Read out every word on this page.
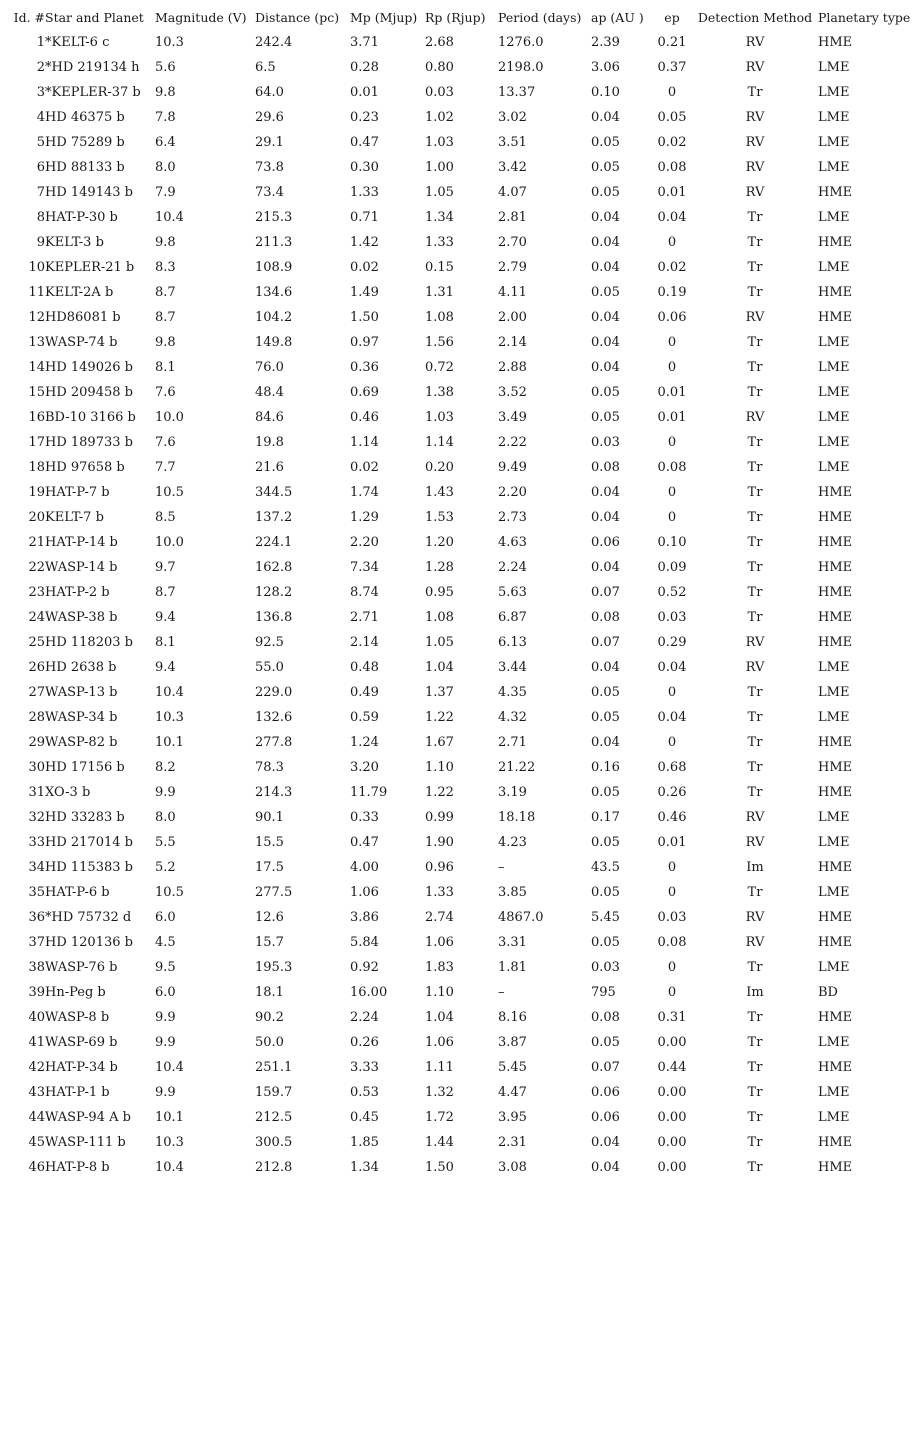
Id. #	Star and Planet	Magnitude (V)	Distance (pc)	Mp (Mjup)	Rp (Rjup)	Period (days)	ap (AU )	ep	Detection Method	Planetary type
1	*KELT-6 c	10.3	242.4	3.71	2.68	1276.0	2.39	0.21	RV	HME
2	*HD 219134 h	5.6	6.5	0.28	0.80	2198.0	3.06	0.37	RV	LME
3	*KEPLER-37 b	9.8	64.0	0.01	0.03	13.37	0.10	0	Tr	LME
4	HD 46375 b	7.8	29.6	0.23	1.02	3.02	0.04	0.05	RV	LME
5	HD 75289 b	6.4	29.1	0.47	1.03	3.51	0.05	0.02	RV	LME
6	HD 88133 b	8.0	73.8	0.30	1.00	3.42	0.05	0.08	RV	LME
7	HD 149143 b	7.9	73.4	1.33	1.05	4.07	0.05	0.01	RV	HME
8	HAT-P-30 b	10.4	215.3	0.71	1.34	2.81	0.04	0.04	Tr	LME
9	KELT-3 b	9.8	211.3	1.42	1.33	2.70	0.04	0	Tr	HME
10	KEPLER-21 b	8.3	108.9	0.02	0.15	2.79	0.04	0.02	Tr	LME
11	KELT-2A b	8.7	134.6	1.49	1.31	4.11	0.05	0.19	Tr	HME
12	HD86081 b	8.7	104.2	1.50	1.08	2.00	0.04	0.06	RV	HME
13	WASP-74 b	9.8	149.8	0.97	1.56	2.14	0.04	0	Tr	LME
14	HD 149026 b	8.1	76.0	0.36	0.72	2.88	0.04	0	Tr	LME
15	HD 209458 b	7.6	48.4	0.69	1.38	3.52	0.05	0.01	Tr	LME
16	BD-10 3166 b	10.0	84.6	0.46	1.03	3.49	0.05	0.01	RV	LME
17	HD 189733 b	7.6	19.8	1.14	1.14	2.22	0.03	0	Tr	LME
18	HD 97658 b	7.7	21.6	0.02	0.20	9.49	0.08	0.08	Tr	LME
19	HAT-P-7 b	10.5	344.5	1.74	1.43	2.20	0.04	0	Tr	HME
20	KELT-7 b	8.5	137.2	1.29	1.53	2.73	0.04	0	Tr	HME
21	HAT-P-14 b	10.0	224.1	2.20	1.20	4.63	0.06	0.10	Tr	HME
22	WASP-14 b	9.7	162.8	7.34	1.28	2.24	0.04	0.09	Tr	HME
23	HAT-P-2 b	8.7	128.2	8.74	0.95	5.63	0.07	0.52	Tr	HME
24	WASP-38 b	9.4	136.8	2.71	1.08	6.87	0.08	0.03	Tr	HME
25	HD 118203 b	8.1	92.5	2.14	1.05	6.13	0.07	0.29	RV	HME
26	HD 2638 b	9.4	55.0	0.48	1.04	3.44	0.04	0.04	RV	LME
27	WASP-13 b	10.4	229.0	0.49	1.37	4.35	0.05	0	Tr	LME
28	WASP-34 b	10.3	132.6	0.59	1.22	4.32	0.05	0.04	Tr	LME
29	WASP-82 b	10.1	277.8	1.24	1.67	2.71	0.04	0	Tr	HME
30	HD 17156 b	8.2	78.3	3.20	1.10	21.22	0.16	0.68	Tr	HME
31	XO-3 b	9.9	214.3	11.79	1.22	3.19	0.05	0.26	Tr	HME
32	HD 33283 b	8.0	90.1	0.33	0.99	18.18	0.17	0.46	RV	LME
33	HD 217014 b	5.5	15.5	0.47	1.90	4.23	0.05	0.01	RV	LME
34	HD 115383 b	5.2	17.5	4.00	0.96	–	43.5	0	Im	HME
35	HAT-P-6 b	10.5	277.5	1.06	1.33	3.85	0.05	0	Tr	LME
36	*HD 75732 d	6.0	12.6	3.86	2.74	4867.0	5.45	0.03	RV	HME
37	HD 120136 b	4.5	15.7	5.84	1.06	3.31	0.05	0.08	RV	HME
38	WASP-76 b	9.5	195.3	0.92	1.83	1.81	0.03	0	Tr	LME
39	Hn-Peg b	6.0	18.1	16.00	1.10	–	795	0	Im	BD
40	WASP-8 b	9.9	90.2	2.24	1.04	8.16	0.08	0.31	Tr	HME
41	WASP-69 b	9.9	50.0	0.26	1.06	3.87	0.05	0.00	Tr	LME
42	HAT-P-34 b	10.4	251.1	3.33	1.11	5.45	0.07	0.44	Tr	HME
43	HAT-P-1 b	9.9	159.7	0.53	1.32	4.47	0.06	0.00	Tr	LME
44	WASP-94 A b	10.1	212.5	0.45	1.72	3.95	0.06	0.00	Tr	LME
45	WASP-111 b	10.3	300.5	1.85	1.44	2.31	0.04	0.00	Tr	HME
46	HAT-P-8 b	10.4	212.8	1.34	1.50	3.08	0.04	0.00	Tr	HME
